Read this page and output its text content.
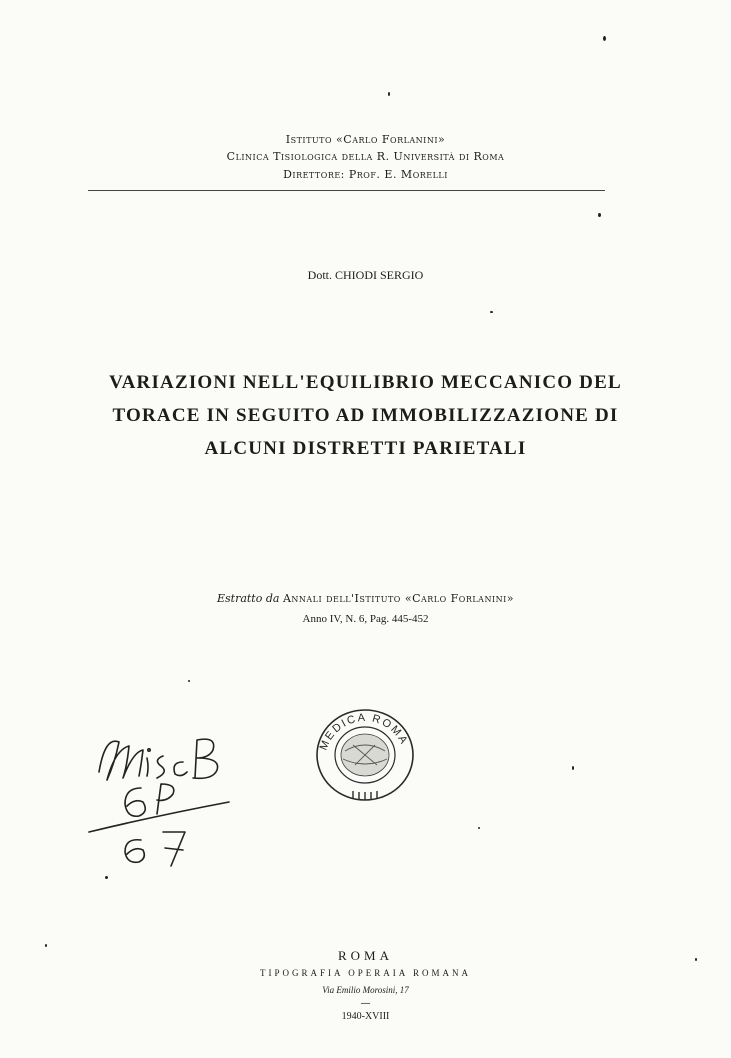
Istituto «Carlo Forlanini»
Clinica Tisiologica della R. Università di Roma
Direttore: Prof. E. Morelli
Dott. CHIODI SERGIO
VARIAZIONI NELL'EQUILIBRIO MECCANICO DEL
TORACE IN SEGUITO AD IMMOBILIZZAZIONE DI
ALCUNI DISTRETTI PARIETALI
Estratto da Annali dell'Istituto «Carlo Forlanini»
Anno IV, N. 6, Pag. 445-452
MEDICA ROMA
ROMA
TIPOGRAFIA OPERAIA ROMANA
Via Emilio Morosini, 17
—
1940-XVIII
